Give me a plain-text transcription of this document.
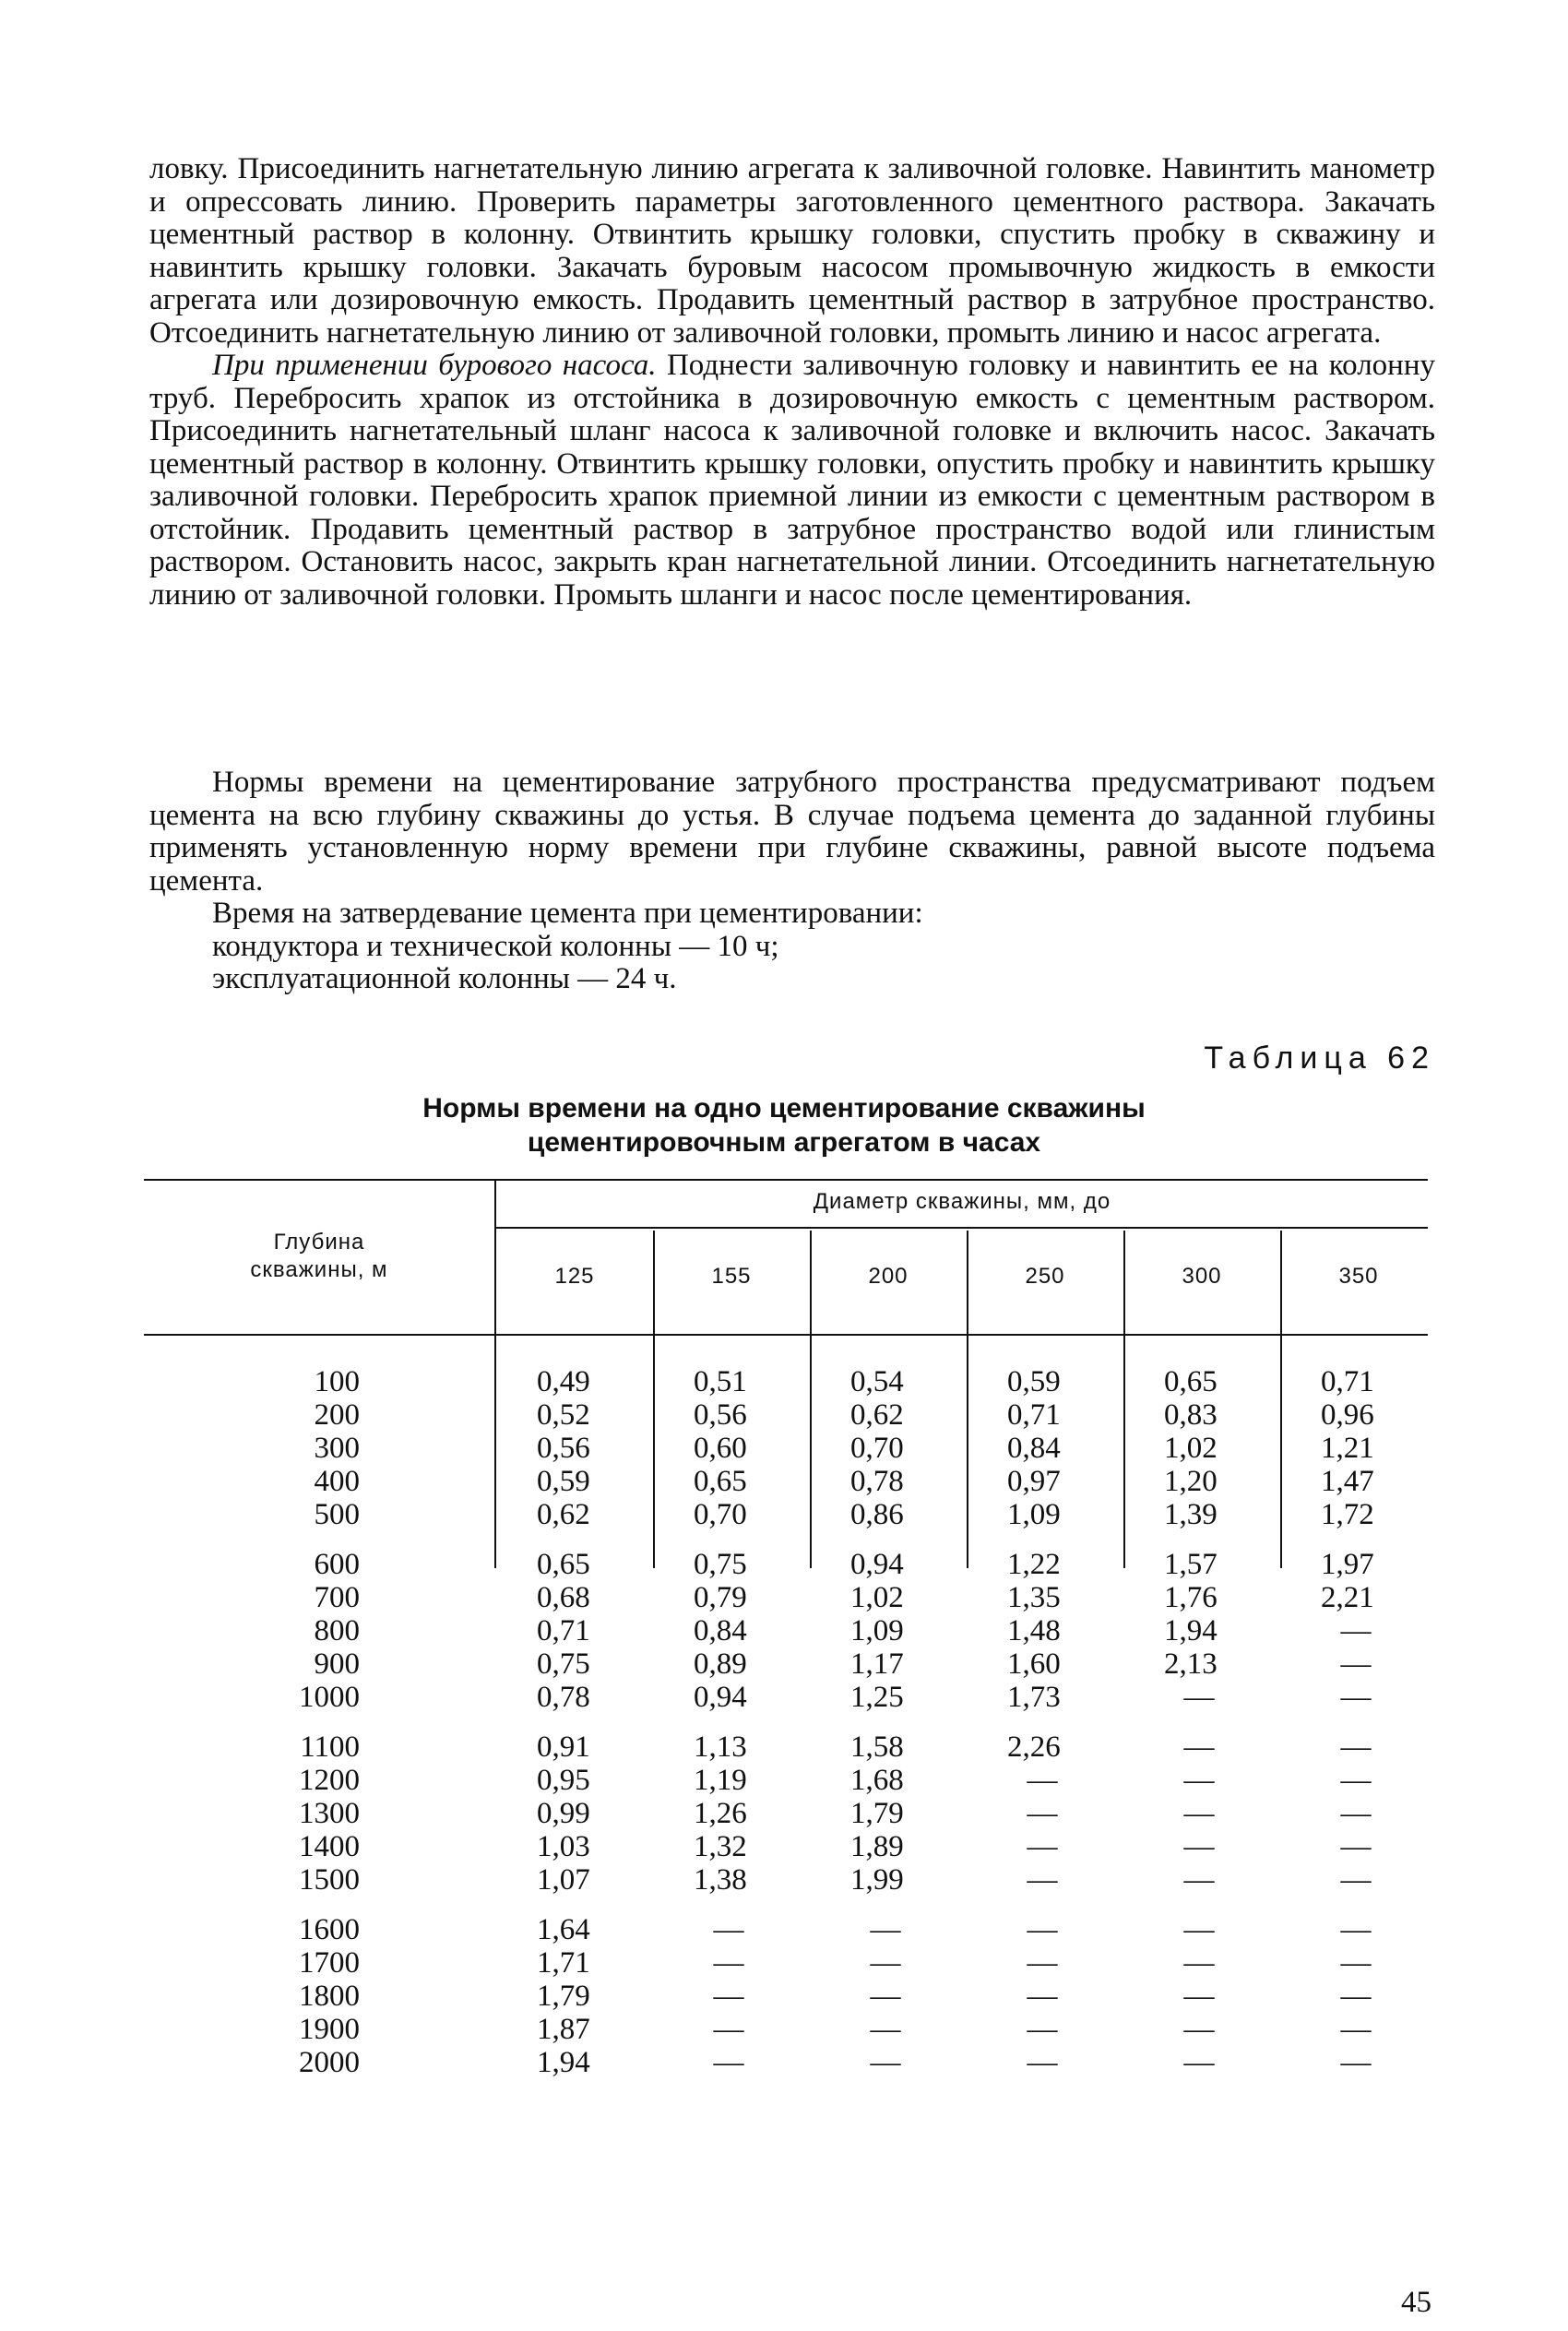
ловку. Присоединить нагнетательную линию агрегата к заливочной головке. Навинтить манометр и опрессовать линию. Проверить параметры заготовленного цементного раствора. Закачать цементный раствор в колонну. Отвинтить крышку головки, спустить пробку в скважину и навинтить крышку головки. Закачать буровым насосом промывочную жидкость в емкости агрегата или дозировочную емкость. Продавить цементный раствор в затрубное пространство. Отсоединить нагнетательную линию от заливочной головки, промыть линию и насос агрегата.

При применении бурового насоса. Поднести заливочную головку и навинтить ее на колонну труб. Перебросить храпок из отстойника в дозировочную емкость с цементным раствором. Присоединить нагнетательный шланг насоса к заливочной головке и включить насос. Закачать цементный раствор в колонну. Отвинтить крышку головки, опустить пробку и навинтить крышку заливочной головки. Перебросить храпок приемной линии из емкости с цементным раствором в отстойник. Продавить цементный раствор в затрубное пространство водой или глинистым раствором. Остановить насос, закрыть кран нагнетательной линии. Отсоединить нагнетательную линию от заливочной головки. Промыть шланги и насос после цементирования.

Нормы времени на цементирование затрубного пространства предусматривают подъем цемента на всю глубину скважины до устья. В случае подъема цемента до заданной глубины применять установленную норму времени при глубине скважины, равной высоте подъема цемента.

Время на затвердевание цемента при цементировании:

кондуктора и технической колонны — 10 ч;

эксплуатационной колонны — 24 ч.

Таблица 62
Нормы времени на одно цементирование скважины
цементировочным агрегатом в часах
Глубина
скважины, м
Диаметр скважины, мм, до
125	155	200	250	300	350
100	0,49	0,51	0,54	0,59	0,65	0,71
200	0,52	0,56	0,62	0,71	0,83	0,96
300	0,56	0,60	0,70	0,84	1,02	1,21
400	0,59	0,65	0,78	0,97	1,20	1,47
500	0,62	0,70	0,86	1,09	1,39	1,72
600	0,65	0,75	0,94	1,22	1,57	1,97
700	0,68	0,79	1,02	1,35	1,76	2,21
800	0,71	0,84	1,09	1,48	1,94	—
900	0,75	0,89	1,17	1,60	2,13	—
1000	0,78	0,94	1,25	1,73	—	—
1100	0,91	1,13	1,58	2,26	—	—
1200	0,95	1,19	1,68	—	—	—
1300	0,99	1,26	1,79	—	—	—
1400	1,03	1,32	1,89	—	—	—
1500	1,07	1,38	1,99	—	—	—
1600	1,64	—	—	—	—	—
1700	1,71	—	—	—	—	—
1800	1,79	—	—	—	—	—
1900	1,87	—	—	—	—	—
2000	1,94	—	—	—	—	—
45
